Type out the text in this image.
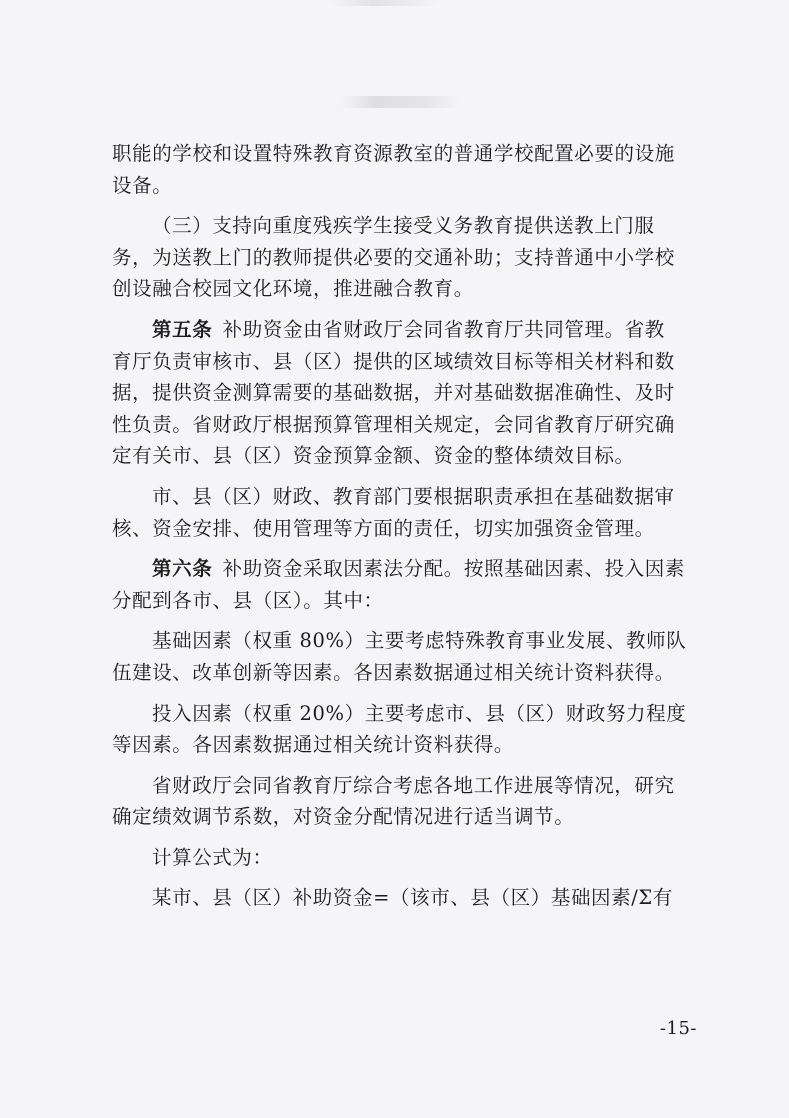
职能的学校和设置特殊教育资源教室的普通学校配置必要的设施
设备。
（三）支持向重度残疾学生接受义务教育提供送教上门服
务，为送教上门的教师提供必要的交通补助；支持普通中小学校
创设融合校园文化环境，推进融合教育。
第五条  补助资金由省财政厅会同省教育厅共同管理。省教
育厅负责审核市、县（区）提供的区域绩效目标等相关材料和数
据，提供资金测算需要的基础数据，并对基础数据准确性、及时
性负责。省财政厅根据预算管理相关规定，会同省教育厅研究确
定有关市、县（区）资金预算金额、资金的整体绩效目标。
市、县（区）财政、教育部门要根据职责承担在基础数据审
核、资金安排、使用管理等方面的责任，切实加强资金管理。
第六条  补助资金采取因素法分配。按照基础因素、投入因素
分配到各市、县（区）。其中：
基础因素（权重 80%）主要考虑特殊教育事业发展、教师队
伍建设、改革创新等因素。各因素数据通过相关统计资料获得。
投入因素（权重 20%）主要考虑市、县（区）财政努力程度
等因素。各因素数据通过相关统计资料获得。
省财政厅会同省教育厅综合考虑各地工作进展等情况，研究
确定绩效调节系数，对资金分配情况进行适当调节。
计算公式为：
某市、县（区）补助资金=（该市、县（区）基础因素/Σ有
-15-
